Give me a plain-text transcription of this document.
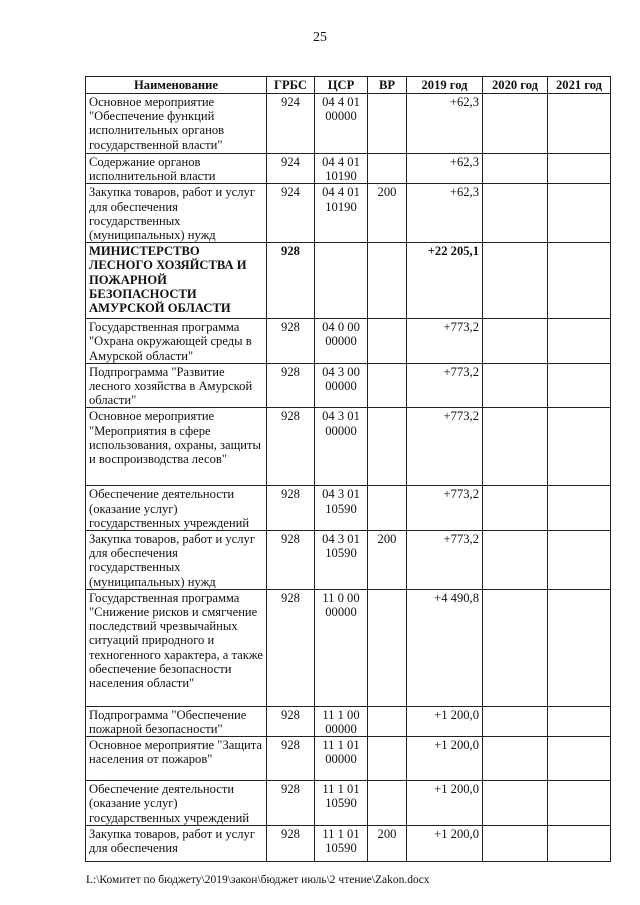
25
Наименование	ГРБС	ЦСР	ВР	2019 год	2020 год	2021 год
Основное мероприятие "Обеспечение функций исполнительных органов государственной власти"	924	04 4 01 00000		+62,3		
Содержание органов исполнительной власти	924	04 4 01 10190		+62,3		
Закупка товаров, работ и услуг для обеспечения государственных (муниципальных) нужд	924	04 4 01 10190	200	+62,3		
МИНИСТЕРСТВО ЛЕСНОГО ХОЗЯЙСТВА И ПОЖАРНОЙ БЕЗОПАСНОСТИ АМУРСКОЙ ОБЛАСТИ	928			+22 205,1		
Государственная программа "Охрана окружающей среды в Амурской области"	928	04 0 00 00000		+773,2		
Подпрограмма "Развитие лесного хозяйства в Амурской области"	928	04 3 00 00000		+773,2		
Основное мероприятие "Мероприятия в сфере использования, охраны, защиты и воспроизводства лесов"	928	04 3 01 00000		+773,2		
Обеспечение деятельности (оказание услуг) государственных учреждений	928	04 3 01 10590		+773,2		
Закупка товаров, работ и услуг для обеспечения государственных (муниципальных) нужд	928	04 3 01 10590	200	+773,2		
Государственная программа "Снижение рисков и смягчение последствий чрезвычайных ситуаций природного и техногенного характера, а также обеспечение безопасности населения области"	928	11 0 00 00000		+4 490,8		
Подпрограмма "Обеспечение пожарной безопасности"	928	11 1 00 00000		+1 200,0		
Основное мероприятие "Защита населения от пожаров"	928	11 1 01 00000		+1 200,0		
Обеспечение деятельности (оказание услуг) государственных учреждений	928	11 1 01 10590		+1 200,0		
Закупка товаров, работ и услуг для обеспечения	928	11 1 01 10590	200	+1 200,0		
L:\Комитет по бюджету\2019\закон\бюджет июль\2 чтение\Zakon.docx
